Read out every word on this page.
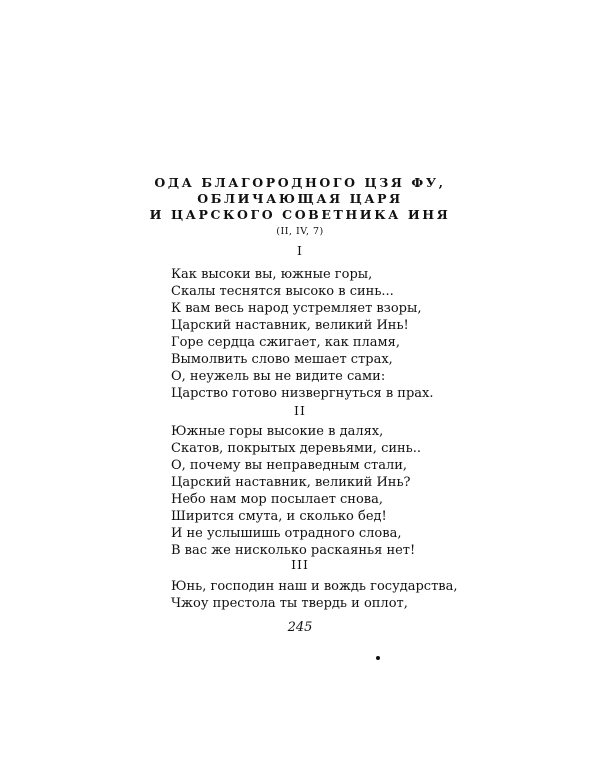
ОДА БЛАГОРОДНОГО ЦЗЯ ФУ,
ОБЛИЧАЮЩАЯ ЦАРЯ
И ЦАРСКОГО СОВЕТНИКА ИНЯ
(II, IV, 7)
I
Как высоки вы, южные горы,
Скалы теснятся высоко в синь...
К вам весь народ устремляет взоры,
Царский наставник, великий Инь!
Горе сердца сжигает, как пламя,
Вымолвить слово мешает страх,
О, неужель вы не видите сами:
Царство готово низвергнуться в прах.
II
Южные горы высокие в далях,
Скатов, покрытых деревьями, синь..
О, почему вы неправедным стали,
Царский наставник, великий Инь?
Небо нам мор посылает снова,
Ширится смута, и сколько бед!
И не услышишь отрадного слова,
В вас же нисколько раскаянья нет!
III
Юнь, господин наш и вождь государства,
Чжоу престола ты твердь и оплот,
245
